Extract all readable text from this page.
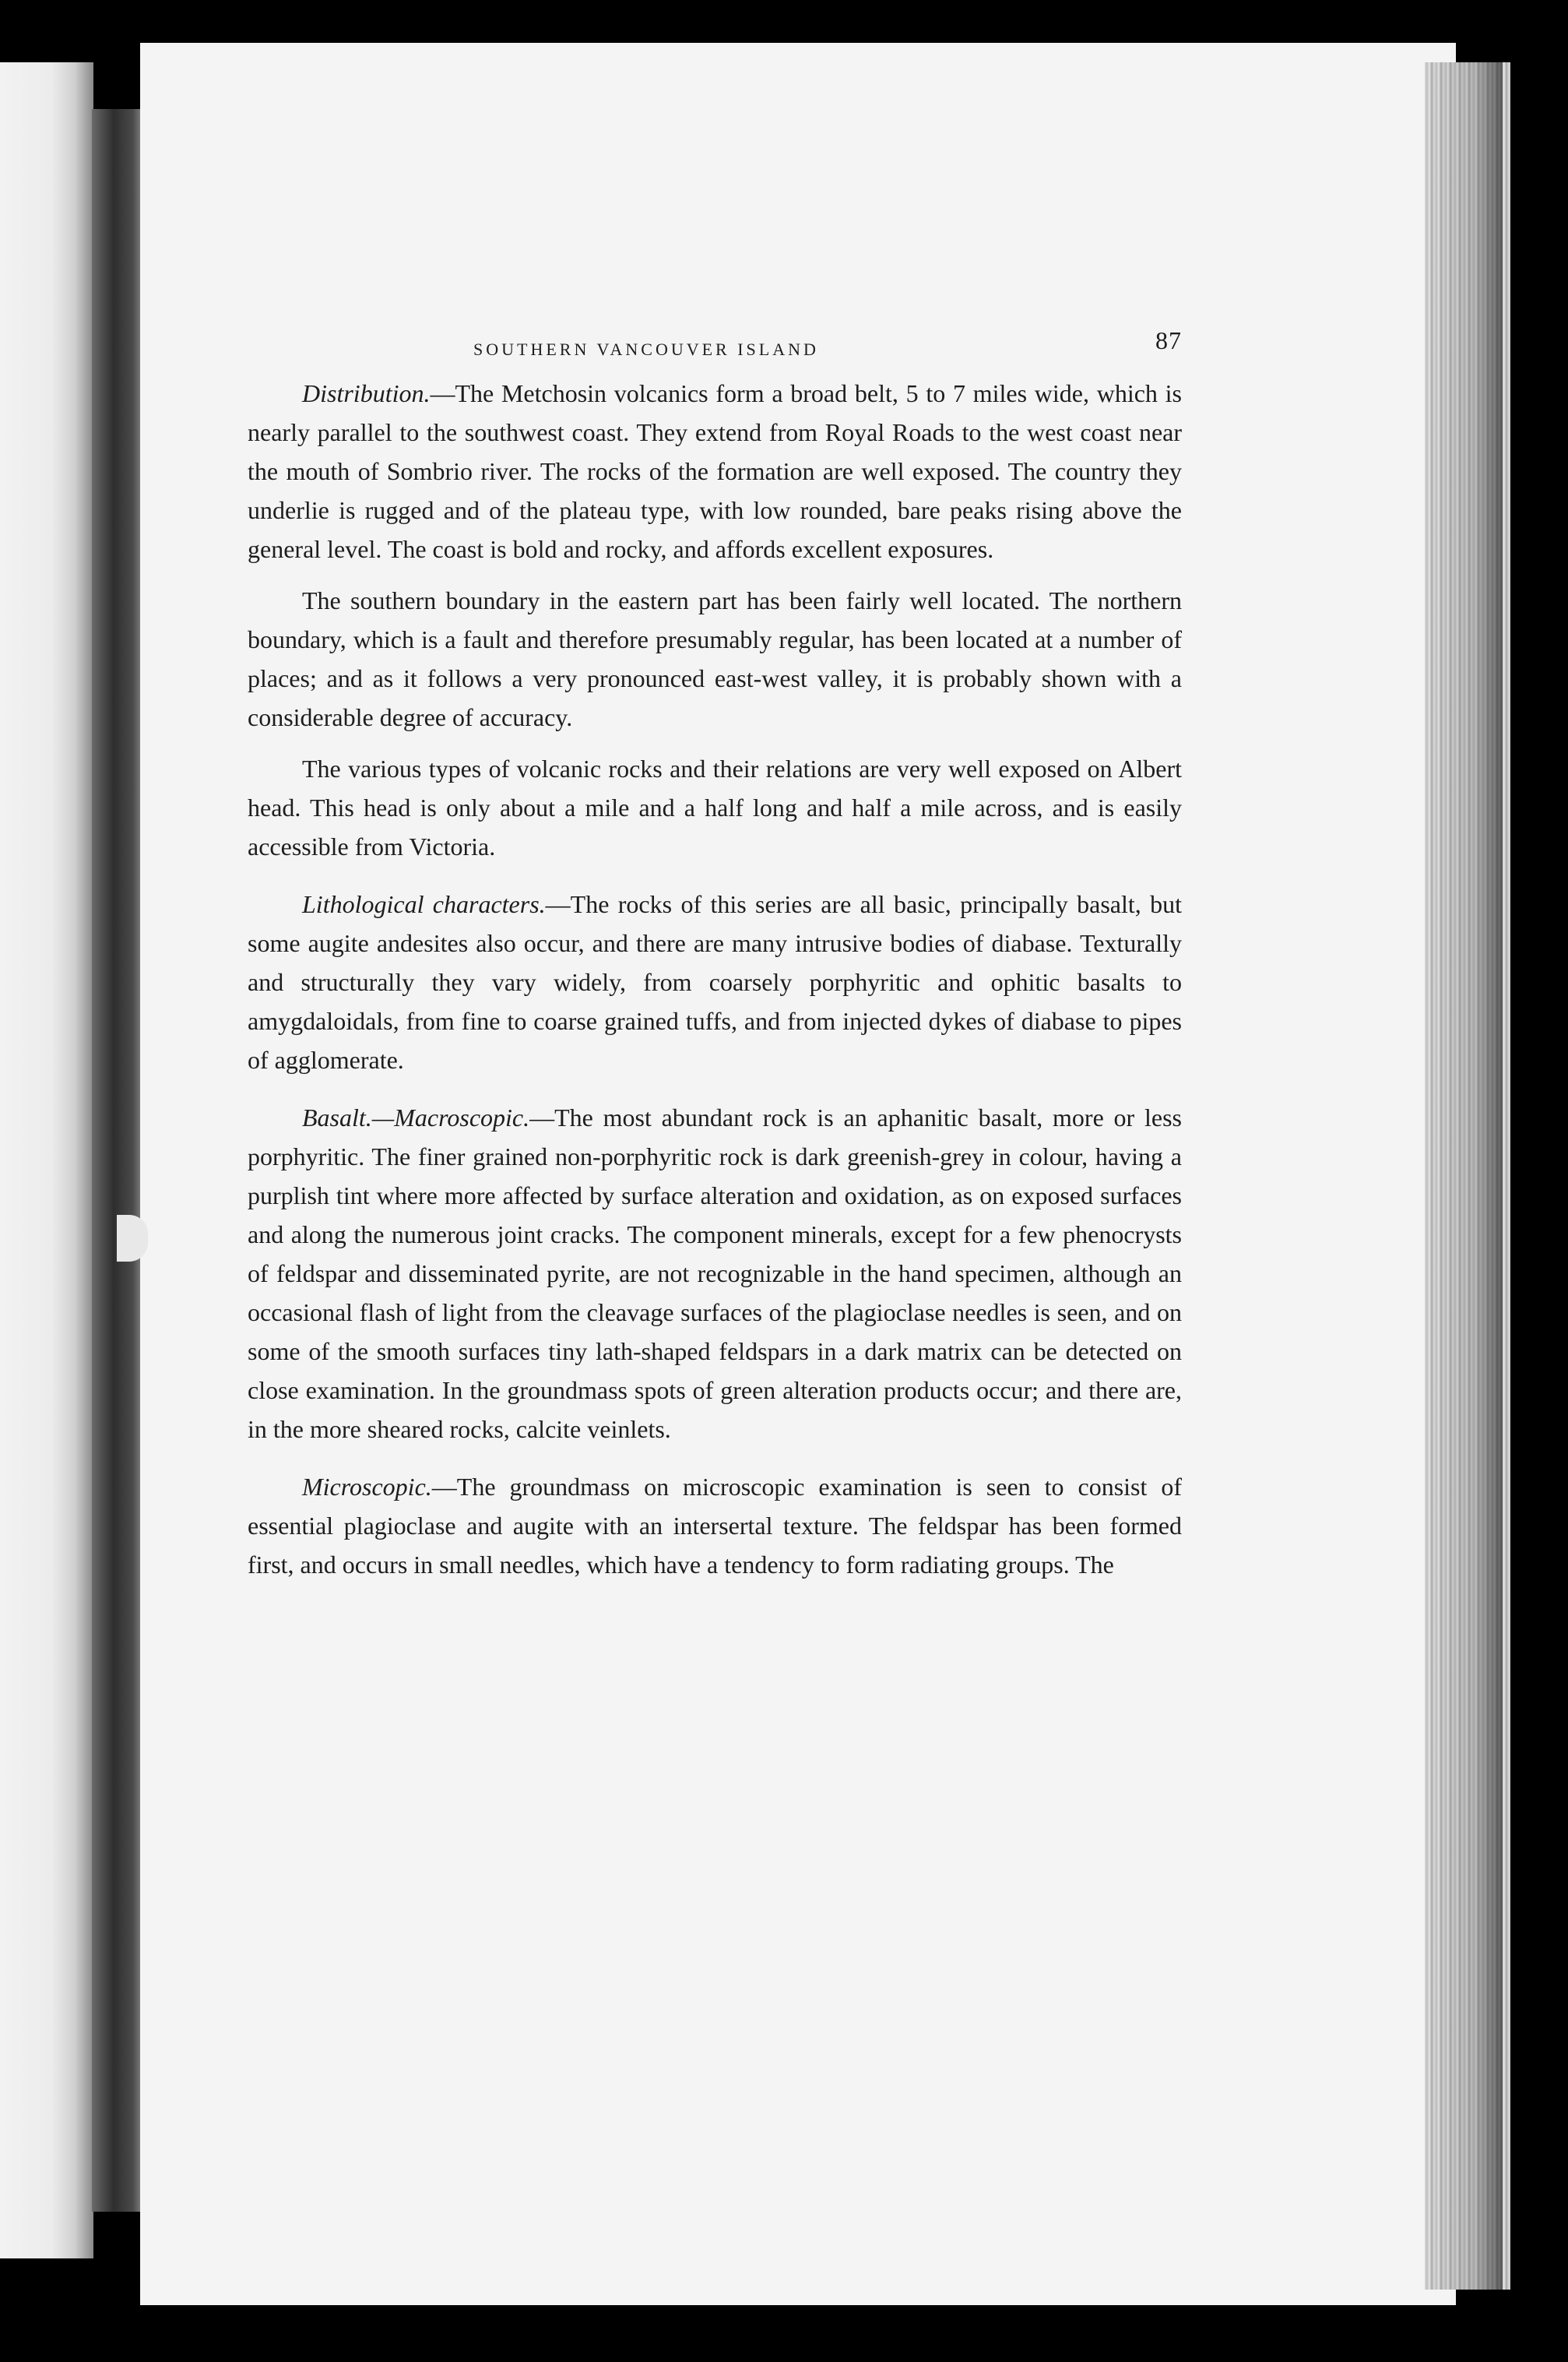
SOUTHERN VANCOUVER ISLAND	87

Distribution.—The Metchosin volcanics form a broad belt, 5 to 7 miles wide, which is nearly parallel to the southwest coast. They extend from Royal Roads to the west coast near the mouth of Sombrio river. The rocks of the formation are well exposed. The country they underlie is rugged and of the plateau type, with low rounded, bare peaks rising above the general level. The coast is bold and rocky, and affords excellent exposures.

The southern boundary in the eastern part has been fairly well located. The northern boundary, which is a fault and therefore presumably regular, has been located at a number of places; and as it follows a very pronounced east-west valley, it is probably shown with a considerable degree of accuracy.

The various types of volcanic rocks and their relations are very well exposed on Albert head. This head is only about a mile and a half long and half a mile across, and is easily accessible from Victoria.

Lithological characters.—The rocks of this series are all basic, principally basalt, but some augite andesites also occur, and there are many intrusive bodies of diabase. Texturally and structurally they vary widely, from coarsely porphyritic and ophitic basalts to amygdaloidals, from fine to coarse grained tuffs, and from injected dykes of diabase to pipes of agglomerate.

Basalt.—Macroscopic.—The most abundant rock is an aphanitic basalt, more or less porphyritic. The finer grained non-porphyritic rock is dark greenish-grey in colour, having a purplish tint where more affected by surface alteration and oxidation, as on exposed surfaces and along the numerous joint cracks. The component minerals, except for a few phenocrysts of feldspar and disseminated pyrite, are not recognizable in the hand specimen, although an occasional flash of light from the cleavage surfaces of the plagioclase needles is seen, and on some of the smooth surfaces tiny lath-shaped feldspars in a dark matrix can be detected on close examination. In the groundmass spots of green alteration products occur; and there are, in the more sheared rocks, calcite veinlets.

Microscopic.—The groundmass on microscopic examination is seen to consist of essential plagioclase and augite with an intersertal texture. The feldspar has been formed first, and occurs in small needles, which have a tendency to form radiating groups. The
